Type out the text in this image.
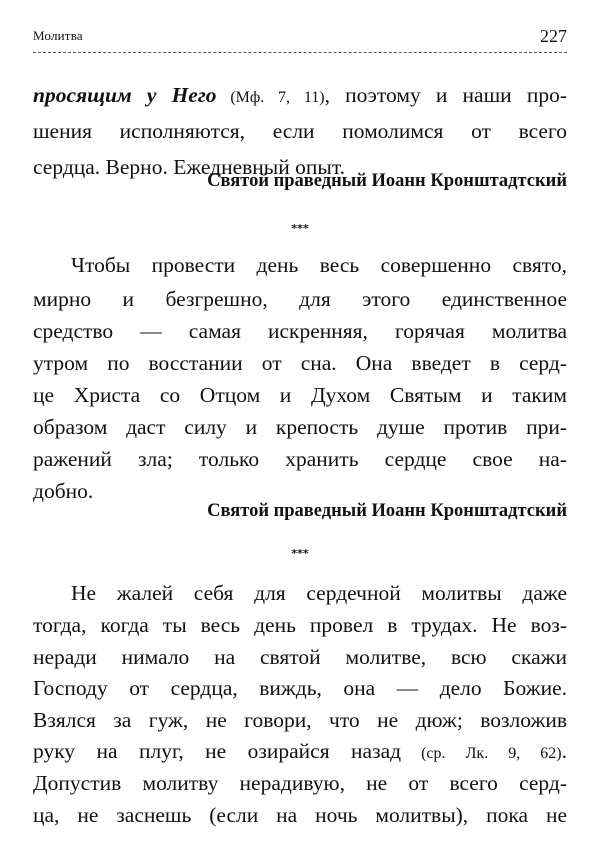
Молитва	227
просящим у Него (Мф. 7, 11), поэтому и наши про-
шения исполняются, если помолимся от всего
сердца. Верно. Ежедневный опыт.
Святой праведный Иоанн Кронштадтский
***
Чтобы провести день весь совершенно свято,
мирно и безгрешно, для этого единственное
средство — самая искренняя, горячая молитва
утром по восстании от сна. Она введет в серд-
це Христа со Отцом и Духом Святым и таким
образом даст силу и крепость душе против при-
ражений зла; только хранить сердце свое на-
добно.
Святой праведный Иоанн Кронштадтский
***
Не жалей себя для сердечной молитвы даже
тогда, когда ты весь день провел в трудах. Не воз-
неради нимало на святой молитве, всю скажи
Господу от сердца, виждь, она — дело Божие.
Взялся за гуж, не говори, что не дюж; возложив
руку на плуг, не озирайся назад (ср. Лк. 9, 62).
Допустив молитву нерадивую, не от всего серд-
ца, не заснешь (если на ночь молитвы), пока не
